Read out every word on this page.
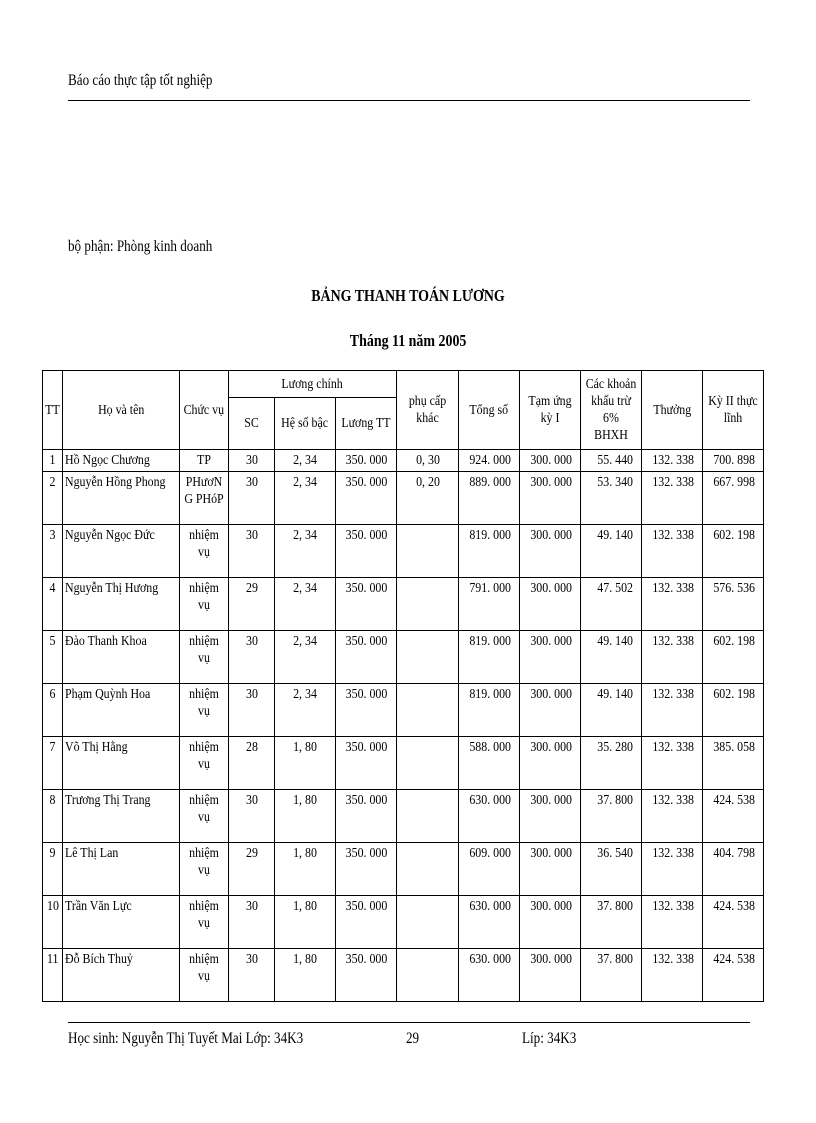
Báo cáo thực tập tốt nghiệp
bộ phận: Phòng kinh doanh
BẢNG THANH TOÁN LƯƠNG
Tháng 11 năm 2005
TT	Họ và tên	Chức vụ	Lương chính			phụ cấp khác	Tổng số	Tạm ứng kỳ I	Các khoản khấu trừ 6% BHXH	Thưởng	Kỳ II thực lĩnh

			SC	Hệ số bậc	Lương TT						
1	Hồ Ngọc Chương	TP	30	2, 34	350. 000	0, 30	924. 000	300. 000	55. 440	132. 338	700. 898
2	Nguyễn Hồng Phong	PHươN G PHóP	30	2, 34	350. 000	0, 20	889. 000	300. 000	53. 340	132. 338	667. 998
3	Nguyễn Ngọc Đức	nhiệm vụ	30	2, 34	350. 000		819. 000	300. 000	49. 140	132. 338	602. 198
4	Nguyễn Thị Hương	nhiệm vụ	29	2, 34	350. 000		791. 000	300. 000	47. 502	132. 338	576. 536
5	Đào Thanh Khoa	nhiệm vụ	30	2, 34	350. 000		819. 000	300. 000	49. 140	132. 338	602. 198
6	Phạm Quỳnh Hoa	nhiệm vụ	30	2, 34	350. 000		819. 000	300. 000	49. 140	132. 338	602. 198
7	Võ Thị Hằng	nhiệm vụ	28	1, 80	350. 000		588. 000	300. 000	35. 280	132. 338	385. 058
8	Trương Thị Trang	nhiệm vụ	30	1, 80	350. 000		630. 000	300. 000	37. 800	132. 338	424. 538
9	Lê Thị Lan	nhiệm vụ	29	1, 80	350. 000		609. 000	300. 000	36. 540	132. 338	404. 798
10	Trần Văn Lực	nhiệm vụ	30	1, 80	350. 000		630. 000	300. 000	37. 800	132. 338	424. 538
11	Đỗ Bích Thuỷ	nhiệm vụ	30	1, 80	350. 000		630. 000	300. 000	37. 800	132. 338	424. 538
Học sinh: Nguyễn Thị Tuyết Mai Lớp: 34K3	29	Líp: 34K3
